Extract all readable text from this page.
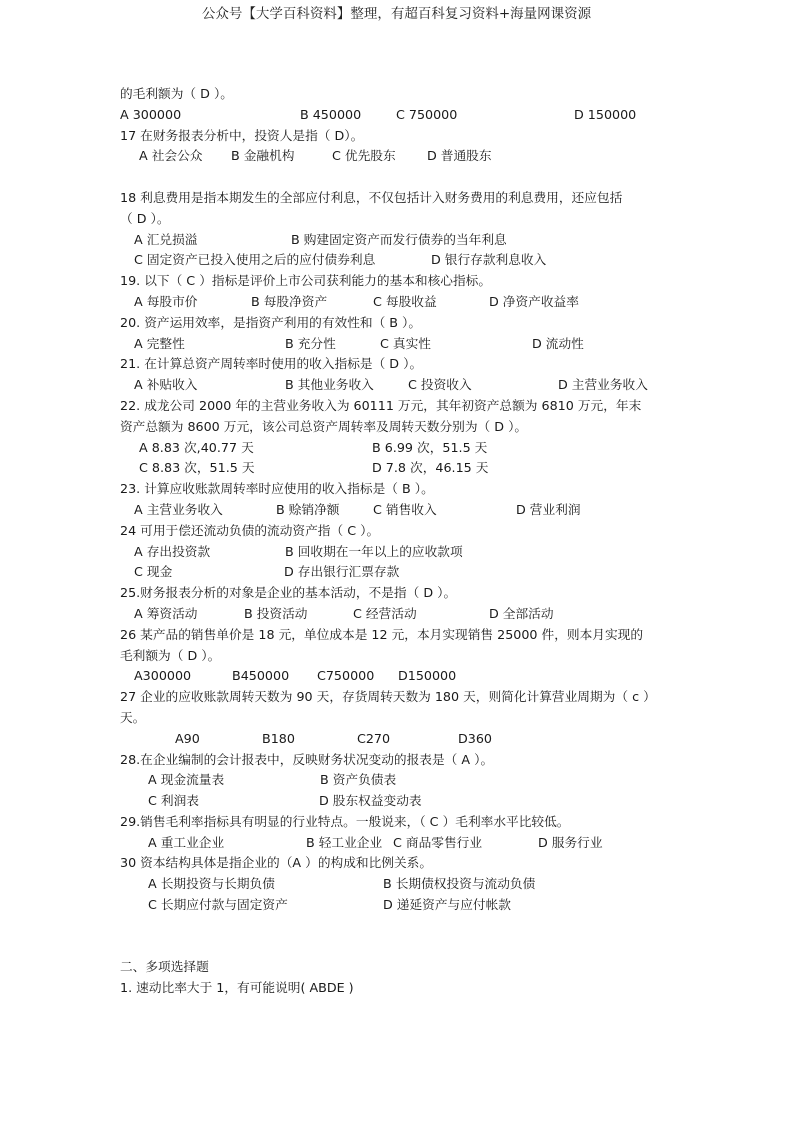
公众号【大学百科资料】整理，有超百科复习资料+海量网课资源
的毛利额为（ D ）。
A 300000	B 450000	C 750000	D 150000
17 在财务报表分析中，投资人是指（ D）。
A 社会公众 B 金融机构	C 优先股东 D 普通股东
18 利息费用是指本期发生的全部应付利息，不仅包括计入财务费用的利息费用，还应包括
（ D ）。
A 汇兑损溢	B 购建固定资产而发行债券的当年利息
C 固定资产已投入使用之后的应付债券利息	D 银行存款利息收入
19. 以下（ C ）指标是评价上市公司获利能力的基本和核心指标。
A 每股市价	B 每股净资产	C 每股收益	D 净资产收益率
20. 资产运用效率，是指资产利用的有效性和（ B ）。
A 完整性	B 充分性	C 真实性	D 流动性
21. 在计算总资产周转率时使用的收入指标是（ D ）。
A 补贴收入	B 其他业务收入	C 投资收入	D 主营业务收入
22. 成龙公司 2000 年的主营业务收入为 60111 万元，其年初资产总额为 6810 万元，年末
资产总额为 8600 万元，该公司总资产周转率及周转天数分别为（ D ）。
A 8.83 次,40.77 天	B 6.99 次，51.5 天
C 8.83 次，51.5 天	D 7.8 次，46.15 天
23. 计算应收账款周转率时应使用的收入指标是（ B ）。
A 主营业务收入	B 赊销净额	C 销售收入	D 营业利润
24 可用于偿还流动负债的流动资产指（ C ）。
A 存出投资款	B 回收期在一年以上的应收款项
C 现金	D 存出银行汇票存款
25.财务报表分析的对象是企业的基本活动，不是指（ D ）。
A 筹资活动	B 投资活动	C 经营活动	D 全部活动
26 某产品的销售单价是 18 元，单位成本是 12 元，本月实现销售 25000 件，则本月实现的
毛利额为（ D ）。
A300000	B450000 C750000 D150000
27 企业的应收账款周转天数为 90 天，存货周转天数为 180 天，则简化计算营业周期为（ c ）
天。
A90	B180	C270	D360
28.在企业编制的会计报表中，反映财务状况变动的报表是（ A ）。
A 现金流量表	B 资产负债表
C 利润表	D 股东权益变动表
29.销售毛利率指标具有明显的行业特点。一般说来，（ C ）毛利率水平比较低。
A 重工业企业	B 轻工业企业 C 商品零售行业	D 服务行业
30 资本结构具体是指企业的（A ）的构成和比例关系。
A 长期投资与长期负债	B 长期债权投资与流动负债
C 长期应付款与固定资产	D 递延资产与应付帐款
二、多项选择题
1. 速动比率大于 1，有可能说明( ABDE )
